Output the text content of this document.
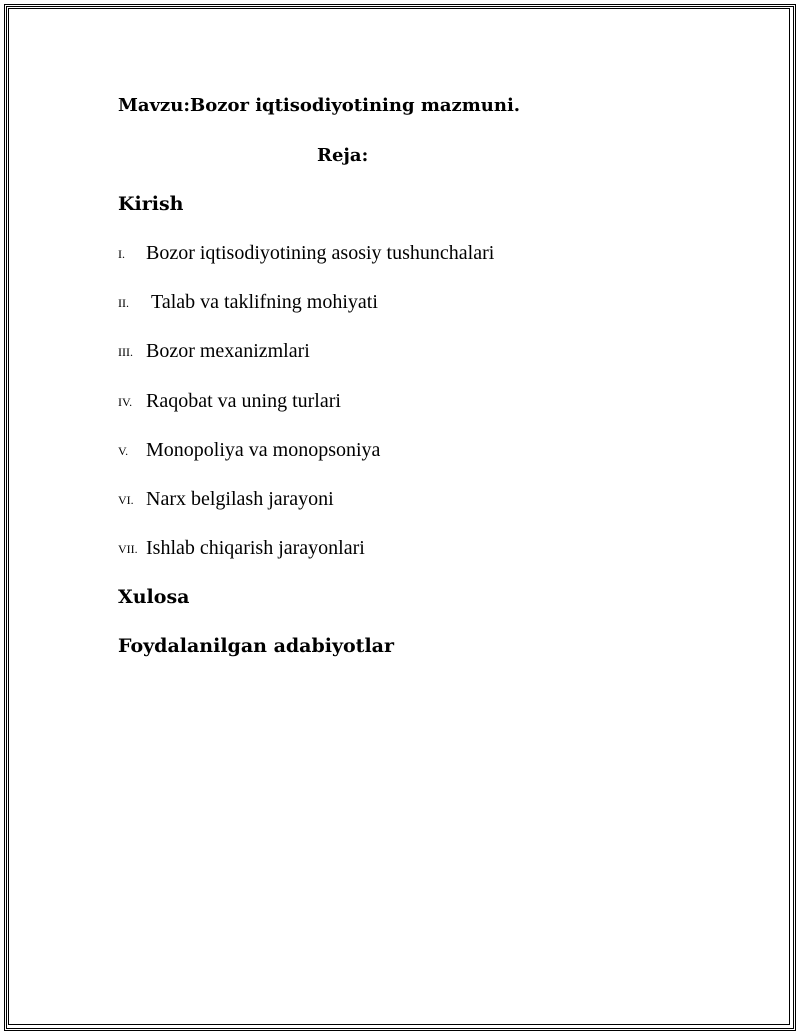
Mavzu:Bozor iqtisodiyotining mazmuni.
Reja:
Kirish
I. Bozor iqtisodiyotining asosiy tushunchalari
II. Talab va taklifning mohiyati
III. Bozor mexanizmlari
IV. Raqobat va uning turlari
V. Monopoliya va monopsoniya
VI. Narx belgilash jarayoni
VII. Ishlab chiqarish jarayonlari
Xulosa
Foydalanilgan adabiyotlar
